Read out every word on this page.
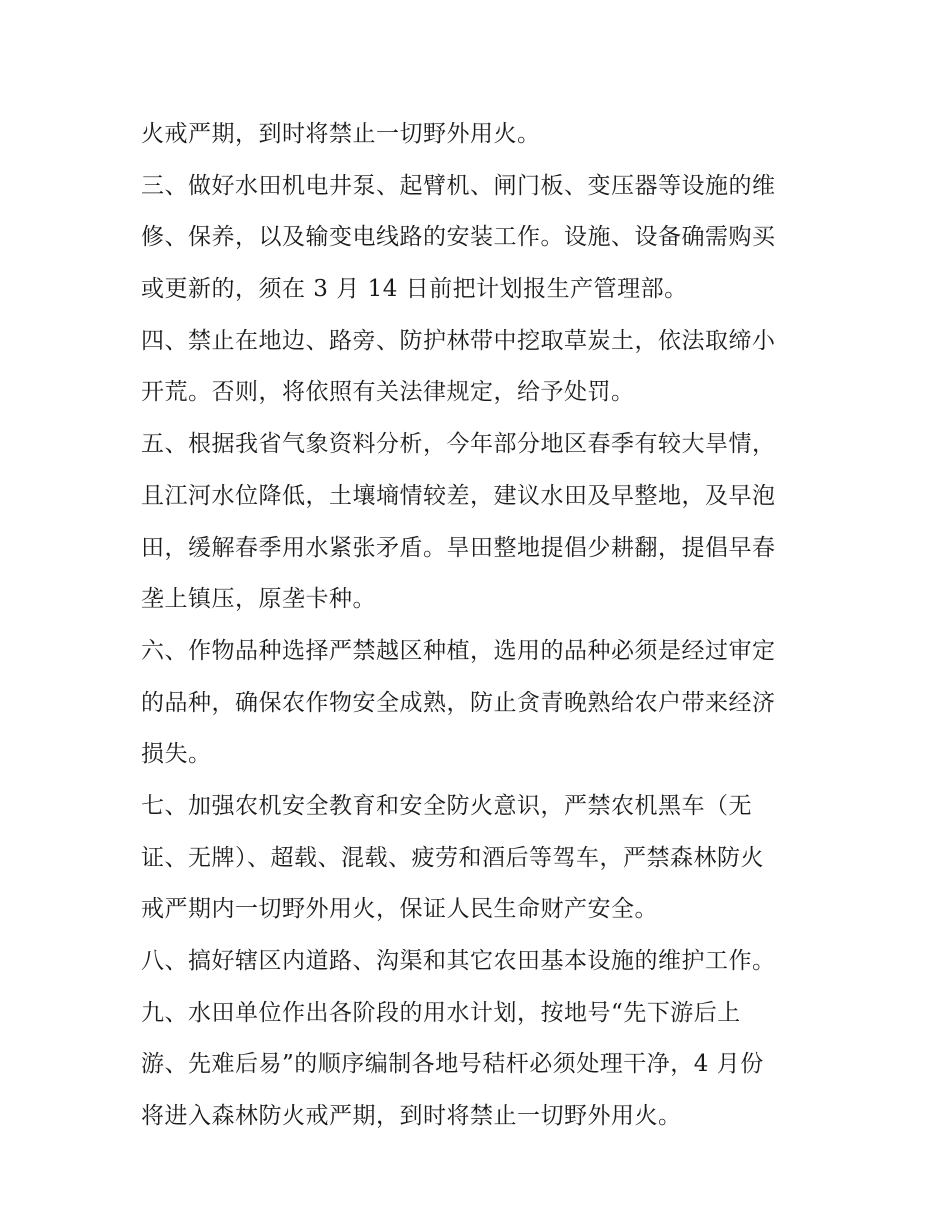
火戒严期，到时将禁止一切野外用火。
三、做好水田机电井泵、起臂机、闸门板、变压器等设施的维
修、保养，以及输变电线路的安装工作。设施、设备确需购买
或更新的，须在 3 月 14 日前把计划报生产管理部。
四、禁止在地边、路旁、防护林带中挖取草炭土，依法取缔小
开荒。否则，将依照有关法律规定，给予处罚。
五、根据我省气象资料分析，今年部分地区春季有较大旱情，
且江河水位降低，土壤墒情较差，建议水田及早整地，及早泡
田，缓解春季用水紧张矛盾。旱田整地提倡少耕翻，提倡早春
垄上镇压，原垄卡种。
六、作物品种选择严禁越区种植，选用的品种必须是经过审定
的品种，确保农作物安全成熟，防止贪青晚熟给农户带来经济
损失。
七、加强农机安全教育和安全防火意识，严禁农机黑车（无
证、无牌）、超载、混载、疲劳和酒后等驾车，严禁森林防火
戒严期内一切野外用火，保证人民生命财产安全。
八、搞好辖区内道路、沟渠和其它农田基本设施的维护工作。
九、水田单位作出各阶段的用水计划，按地号“先下游后上
游、先难后易”的顺序编制各地号秸杆必须处理干净，4 月份
将进入森林防火戒严期，到时将禁止一切野外用火。
